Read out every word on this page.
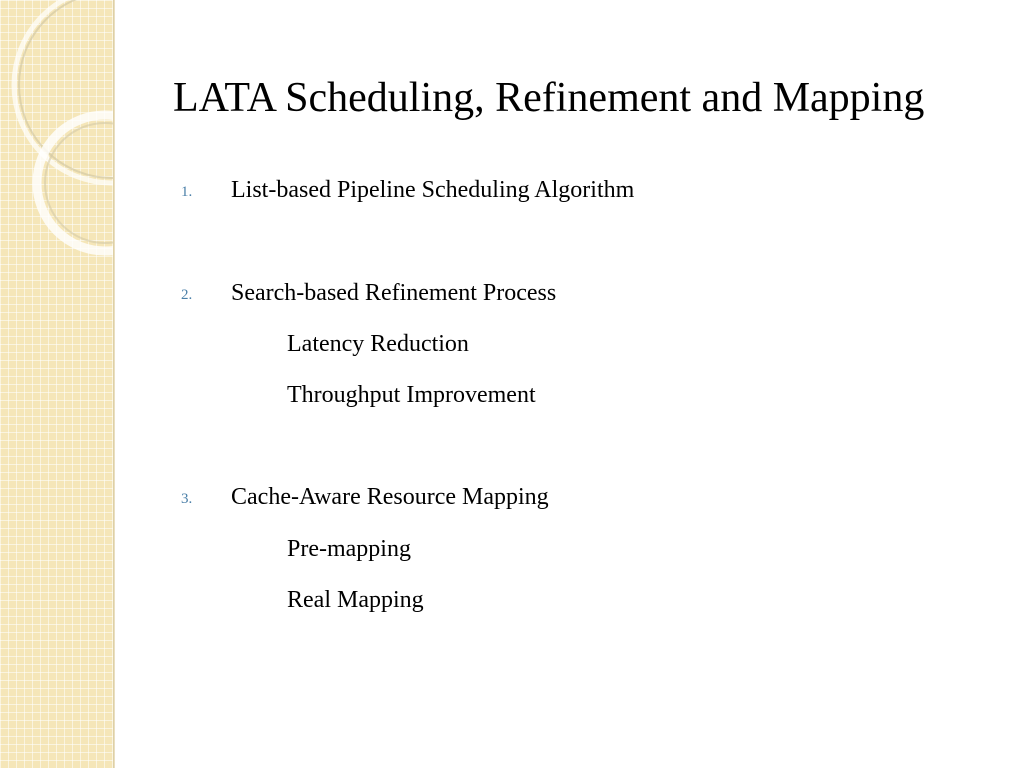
LATA Scheduling, Refinement and Mapping
1. List-based Pipeline Scheduling Algorithm
2. Search-based Refinement Process
Latency Reduction
Throughput Improvement
3. Cache-Aware Resource Mapping
Pre-mapping
Real Mapping
